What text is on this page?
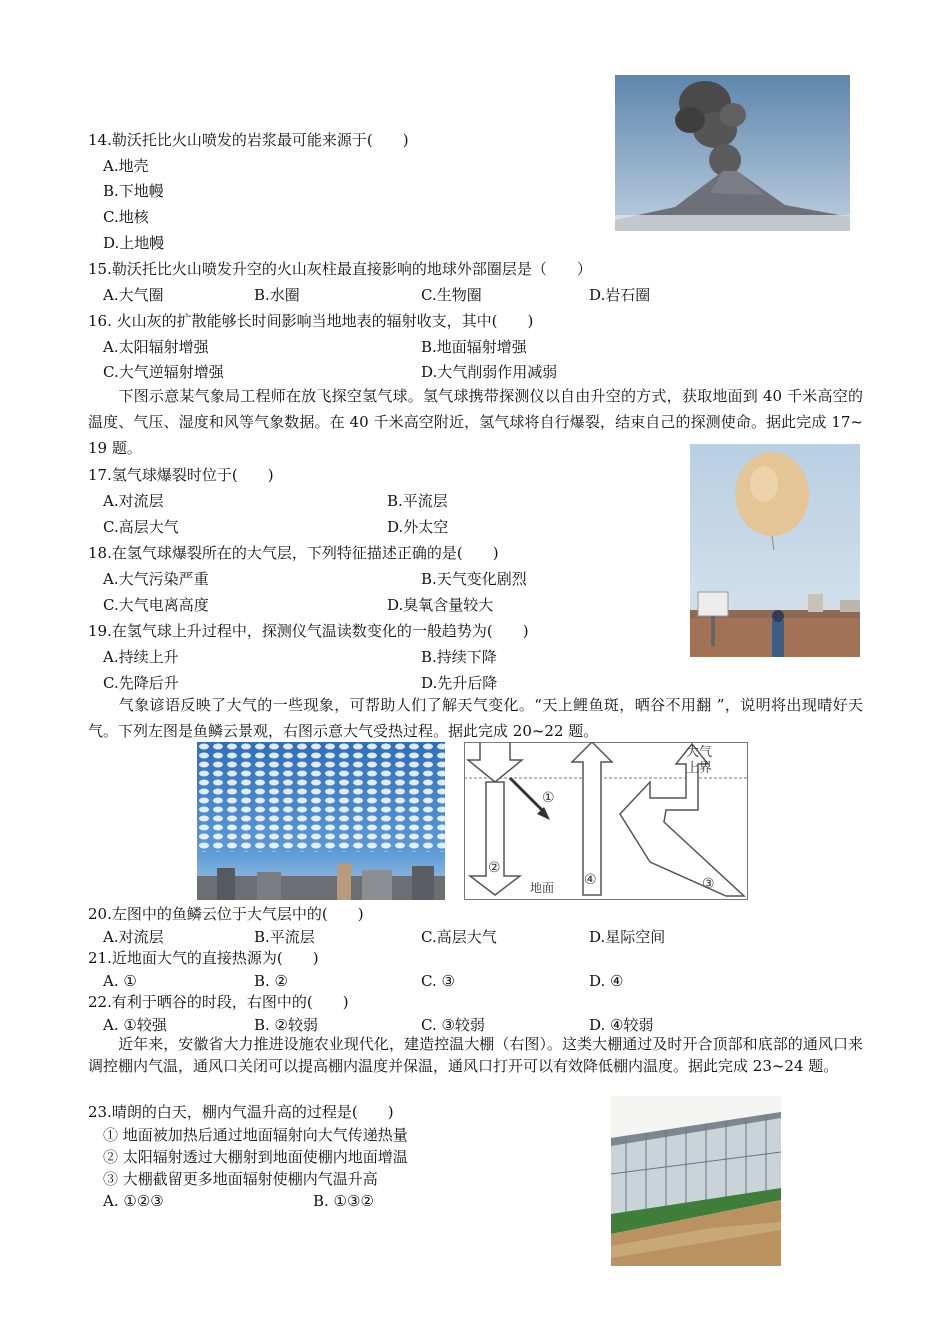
14.勒沃托比火山喷发的岩浆最可能来源于(　　)
A.地壳
B.下地幔
C.地核
D.上地幔
15.勒沃托比火山喷发升空的火山灰柱最直接影响的地球外部圈层是（　　）
A.大气圈	B.水圈	C.生物圈	D.岩石圈
16. 火山灰的扩散能够长时间影响当地地表的辐射收支，其中(　　)
A.太阳辐射增强	B.地面辐射增强
C.大气逆辐射增强	D.大气削弱作用减弱
　　下图示意某气象局工程师在放飞探空氢气球。氢气球携带探测仪以自由升空的方式，获取地面到 40 千米高空的温度、气压、湿度和风等气象数据。在 40 千米高空附近，氢气球将自行爆裂，结束自己的探测使命。据此完成 17~ 19 题。
17.氢气球爆裂时位于(　　)
A.对流层	B.平流层
C.高层大气	D.外太空
18.在氢气球爆裂所在的大气层，下列特征描述正确的是(　　)
A.大气污染严重	B.天气变化剧烈
C.大气电离高度	D.臭氧含量较大
19.在氢气球上升过程中，探测仪气温读数变化的一般趋势为(　　)
A.持续上升	B.持续下降
C.先降后升	D.先升后降
　　气象谚语反映了大气的一些现象，可帮助人们了解天气变化。“天上鲤鱼斑，晒谷不用翻 ”，说明将出现晴好天气。下列左图是鱼鳞云景观，右图示意大气受热过程。据此完成 20~22 题。
大气
上界
地面
①
②
③
④
20.左图中的鱼鳞云位于大气层中的(　　)
A.对流层	B.平流层	C.高层大气	D.星际空间
21.近地面大气的直接热源为(　　)
A. ①	B. ②	C. ③	D. ④
22.有利于晒谷的时段，右图中的(　　)
A. ①较强	B. ②较弱	C. ③较弱	D. ④较弱
　　近年来，安徽省大力推进设施农业现代化，建造控温大棚（右图）。这类大棚通过及时开合顶部和底部的通风口来调控棚内气温，通风口关闭可以提高棚内温度并保温，通风口打开可以有效降低棚内温度。据此完成 23~24 题。
23.晴朗的白天，棚内气温升高的过程是(　　)
① 地面被加热后通过地面辐射向大气传递热量
② 太阳辐射透过大棚射到地面使棚内地面增温
③ 大棚截留更多地面辐射使棚内气温升高
A. ①②③	B. ①③②
